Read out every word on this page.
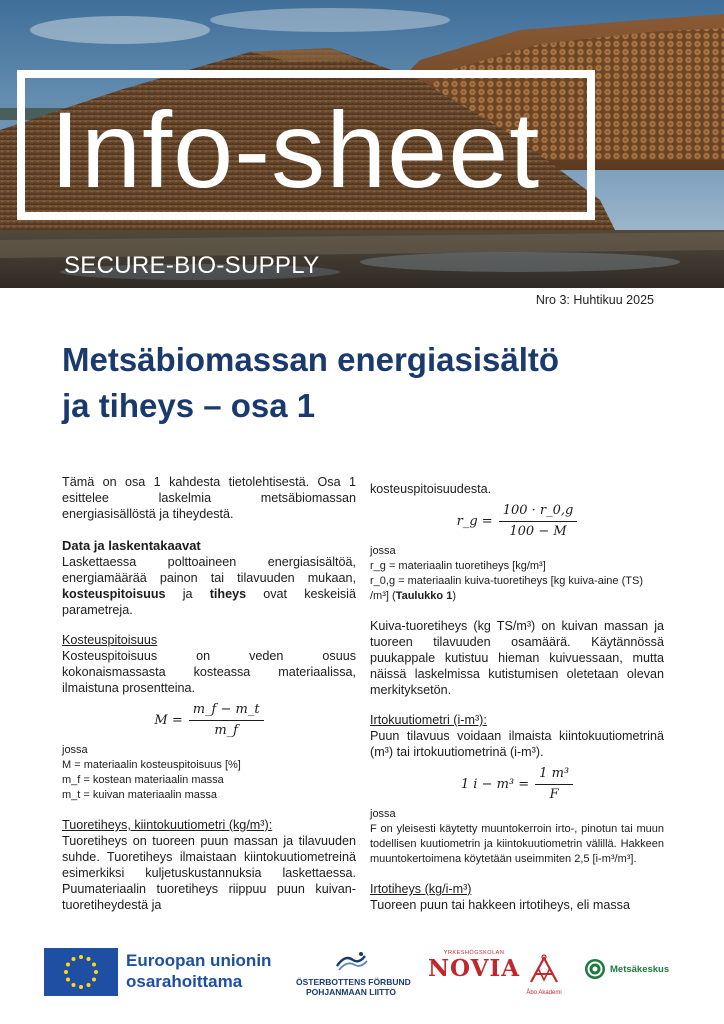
Info-sheet
SECURE-BIO-SUPPLY
Nro 3: Huhtikuu 2025
Metsäbiomassan energiasisältö
ja tiheys – osa 1

Tämä on osa 1 kahdesta tietolehtisestä. Osa 1 esittelee laskelmia metsäbiomassan energiasisällöstä ja tiheydestä.

Data ja laskentakaavat

Laskettaessa polttoaineen energiasisältöä, energiamäärää painon tai tilavuuden mukaan, kosteuspitoisuus ja tiheys ovat keskeisiä parametreja.

Kosteuspitoisuus

Kosteuspitoisuus on veden osuus kokonaismassasta kosteassa materiaalissa, ilmaistuna prosentteina.

$M = \frac{m\_f - m\_t}{m\_f}$
jossa
M = materiaalin kosteuspitoisuus [%]
m_f = kostean materiaalin massa
m_t = kuivan materiaalin massa
Tuoretiheys, kiintokuutiometri (kg/m³):

Tuoretiheys on tuoreen puun massan ja tilavuuden suhde. Tuoretiheys ilmaistaan kiintokuutiometreinä esimerkiksi kuljetuskustannuksia laskettaessa. Puumateriaalin tuoretiheys riippuu puun kuivan-tuoretiheydestä ja

kosteuspitoisuudesta.

r_g = $\frac{100 \cdot r\_0,g}{100 - M}$
jossa
r_g = materiaalin tuoretiheys [kg/m³]
r_0,g = materiaalin kuiva-tuoretiheys [kg kuiva-aine (TS) /m³] (Taulukko 1)

Kuiva-tuoretiheys (kg TS/m³) on kuivan massan ja tuoreen tilavuuden osamäärä. Käytännössä puukappale kutistuu hieman kuivuessaan, mutta näissä laskelmissa kutistumisen oletetaan olevan merkityksetön.

Irtokuutiometri (i-m³):

Puun tilavuus voidaan ilmaista kiintokuutiometrinä (m³) tai irtokuutiometrinä (i-m³).

1 $i - m^3 = \frac{\text{1 m³}}{F}$
jossa

F on yleisesti käytetty muuntokerroin irto-, pinotun tai muun todellisen kuutiometrin ja kiintokuutiometrin välillä. Hakkeen muuntokertoimena köytetään useimmiten 2,5 [i-m³/m³].

Irtotiheys (kg/i-m³)

Tuoreen puun tai hakkeen irtotiheys, eli massa

Euroopan unionin
osarahoittama	ÖSTERBOTTENS FÖRBUND
POHJANMAAN LIITTO
YRKESHÖGSKOLAN
NOVIA
Åbo Akademi
Metsäkeskus
